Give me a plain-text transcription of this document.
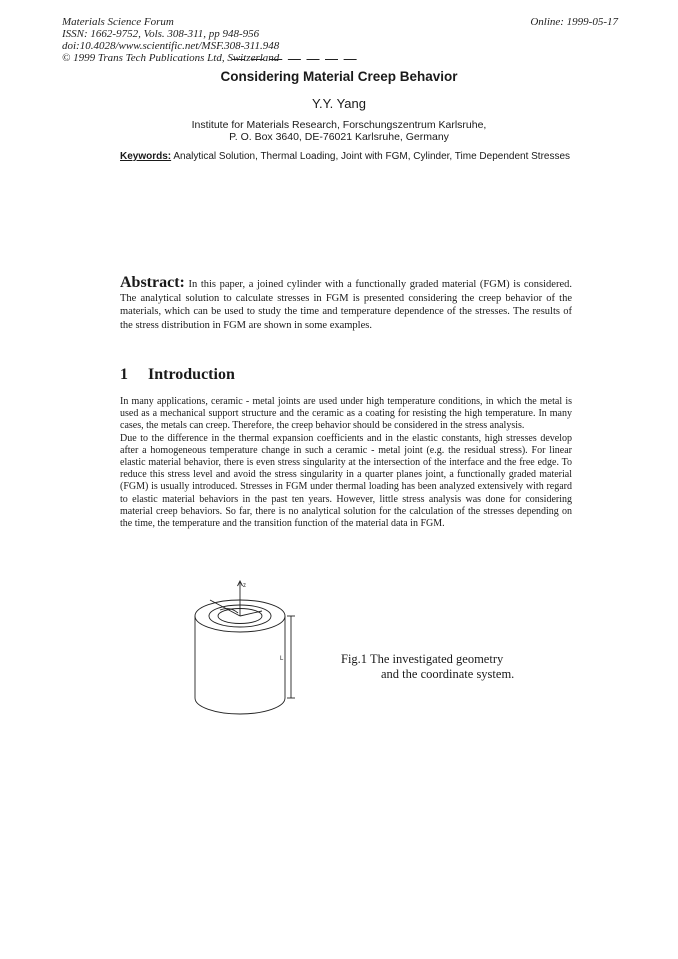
Materials Science Forum
ISSN: 1662-9752, Vols. 308-311, pp 948-956
doi:10.4028/www.scientific.net/MSF.308-311.948
© 1999 Trans Tech Publications Ltd, Switzerland
Online: 1999-05-17
Considering Material Creep Behavior
Y.Y. Yang
Institute for Materials Research, Forschungszentrum Karlsruhe,
P. O. Box 3640, DE-76021 Karlsruhe, Germany
Keywords: Analytical Solution, Thermal Loading, Joint with FGM, Cylinder, Time Dependent Stresses
Abstract: In this paper, a joined cylinder with a functionally graded material (FGM) is considered. The analytical solution to calculate stresses in FGM is presented considering the creep behavior of the materials, which can be used to study the time and temperature dependence of the stresses. The results of the stress distribution in FGM are shown in some examples.
1 Introduction

In many applications, ceramic - metal joints are used under high temperature conditions, in which the metal is used as a mechanical support structure and the ceramic as a coating for resisting the high temperature. In many cases, the metals can creep. Therefore, the creep behavior should be considered in the stress analysis.

Due to the difference in the thermal expansion coefficients and in the elastic constants, high stresses develop after a homogeneous temperature change in such a ceramic - metal joint (e.g. the residual stress). For linear elastic material behavior, there is even stress singularity at the intersection of the interface and the free edge. To reduce this stress level and avoid the stress singularity in a quarter planes joint, a functionally graded material (FGM) is usually introduced. Stresses in FGM under thermal loading has been analyzed extensively with regard to elastic material behaviors in the past ten years. However, little stress analysis was done for considering material creep behaviors. So far, there is no analytical solution for the calculation of the stresses depending on the time, the temperature and the transition function of the material data in FGM.

z
L	Fig.1 The investigated geometry
and the coordinate system.
